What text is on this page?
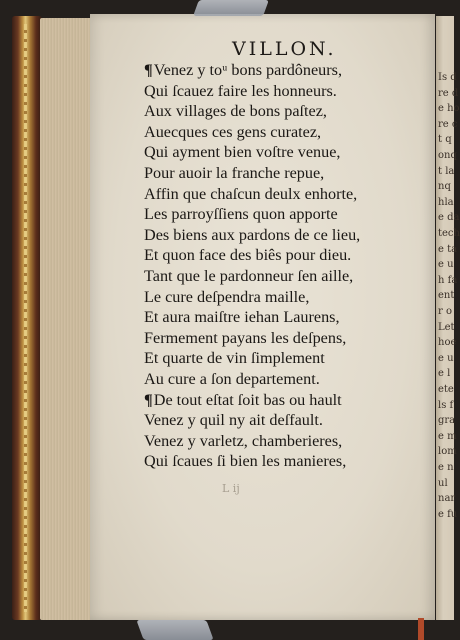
Is d
re d
e ho
re c
t q
onq
t la
nq
hla
e da
tech
e ta
e u
h fa
ent
r o
Let
hoe
e u
e l
ete
ls f
gra
e m
lom
e n
ul
nar
e fu
VILLON.
¶Venez y toᵘ bons pardôneurs,
Qui ſcauez faire les honneurs.
Aux villages de bons paſtez,
Auecques ces gens curatez,
Qui ayment bien voſtre venue,
Pour auoir la franche repue,
Affin que chaſcun deulx enhorte,
Les parroyſſiens quon apporte
Des biens aux pardons de ce lieu,
Et quon face des biês pour dieu.
Tant que le pardonneur ſen aille,
Le cure deſpendra maille,
Et aura maiſtre iehan Laurens,
Fermement payans les deſpens,
Et quarte de vin ſimplement
Au cure a ſon departement.
¶De tout eſtat ſoit bas ou hault
Venez y quil ny ait deſfault.
Venez y varletz, chamberieres,
Qui ſcaues ſi bien les manieres,
L ij
